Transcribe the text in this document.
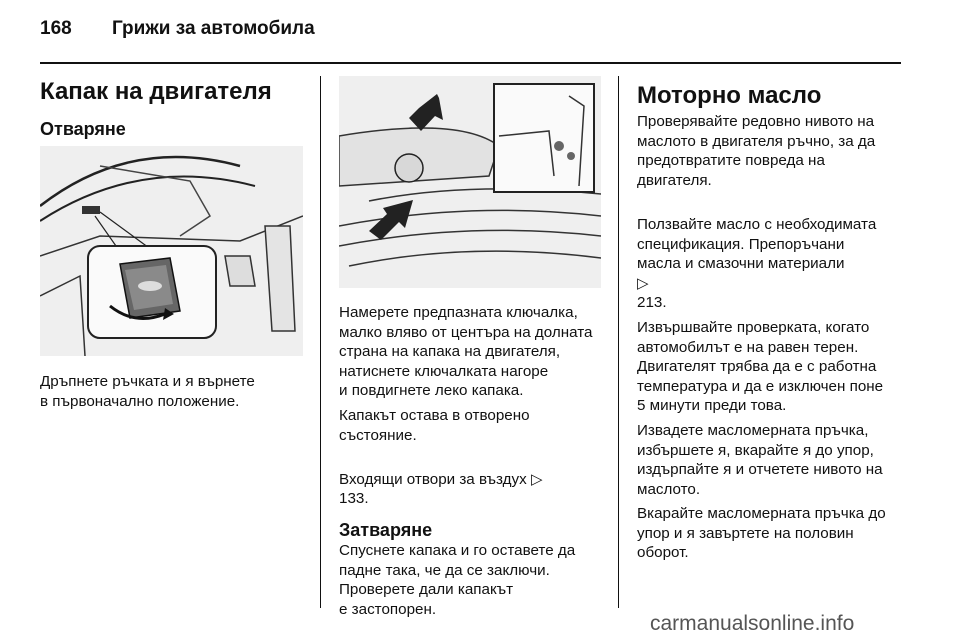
168 Грижи за автомобила
Капак на двигателя
Отваряне

Дръпнете ръчката и я върнете
в първоначално положение.

Намерете предпазната ключалка,
малко вляво от центъра на долната
страна на капака на двигателя,
натиснете ключалката нагоре
и повдигнете леко капака.

Капакът остава в отворено
състояние.

Входящи отвори за въздух ▷
133.

Затваряне

Спуснете капака и го оставете да
падне така, че да се заключи.
Проверете дали капакът
е застопорен.

Моторно масло

Проверявайте редовно нивото на
маслото в двигателя ръчно, за да
предотвратите повреда на
двигателя.

Ползвайте масло с необходимата
спецификация. Препоръчани
масла и смазочни материали
▷
213.

Извършвайте проверката, когато
автомобилът е на равен терен.
Двигателят трябва да е с работна
температура и да е изключен поне
5 минути преди това.

Извадете масломерната пръчка,
избършете я, вкарайте я до упор,
издърпайте я и отчетете нивото на
маслото.

Вкарайте масломерната пръчка до
упор и я завъртете на половин
оборот.

carmanualsonline.info
